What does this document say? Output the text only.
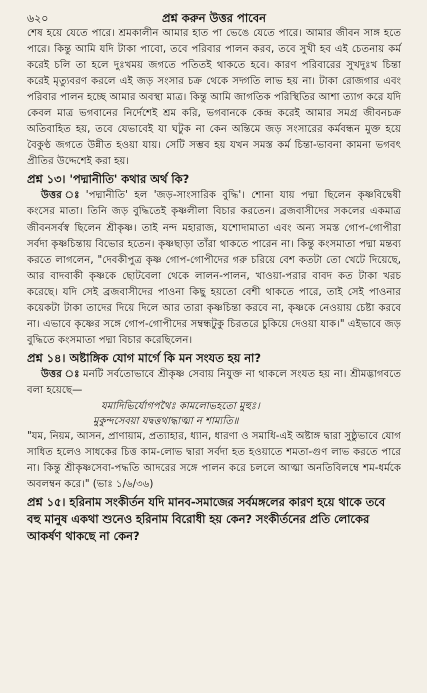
৬২০	প্রশ্ন করুন উত্তর পাবেন

শেষ হয়ে যেতে পারে। শ্রমকালীন আমার হাত পা ভেঙে যেতে পারে। আমার জীবন সাঙ্গ হতে পারে। কিন্তু আমি যদি টাকা পাবো, তবে পরিবার পালন করব, তবে সুখী হব এই চেতনায় কর্ম করেই চলি তা হলে দুঃখময় জগতে পতিতই থাকতে হবে। কারণ পরিবারের সুখদুঃখ চিন্তা করেই মৃত্যুবরণ করলে এই জড় সংসার চক্র থেকে সদ্গতি লাভ হয় না। টাকা রোজগার এবং পরিবার পালন হচ্ছে আমার অবস্থা মাত্র। কিন্তু আমি জাগতিক পরিস্থিতির আশা ত্যাগ করে যদি কেবল মাত্র ভগবানের নির্দেশেই শ্রম করি, ভগবানকে কেন্দ্র করেই আমার সমগ্র জীবনচক্র অতিবাহিত হয়, তবে যেভাবেই যা ঘটুক না কেন অন্তিমে জড় সংসারের কর্মবন্ধন মুক্ত হয়ে বৈকুণ্ঠ জগতে উন্নীত হওয়া যায়। সেটি সম্ভব হয় যখন সমস্ত কর্ম চিন্তা-ভাবনা কামনা ভগবৎ প্রীতির উদ্দেশেই করা হয়।

প্রশ্ন ১৩। 'পদ্মানীতি' কথার অর্থ কি?

উত্তর ঃ 'পদ্মানীতি' হল 'জড়-সাংসারিক বুদ্ধি'। শোনা যায় পদ্মা ছিলেন কৃষ্ণবিদ্বেষী কংসের মাতা। তিনি জড় বুদ্ধিতেই কৃষ্ণলীলা বিচার করতেন। ব্রজবাসীদের সকলের একমাত্র জীবনসর্বস্ব ছিলেন শ্রীকৃষ্ণ। তাই নন্দ মহারাজ, যশোদামাতা এবং অন্য সমস্ত গোপ-গোপীরা সর্বদা কৃষ্ণচিন্তায় বিভোর হতেন। কৃষ্ণছাড়া তাঁরা থাকতে পারেন না। কিন্তু কংসমাতা পদ্মা মন্তব্য করতে লাগলেন, "দেবকীপুত্র কৃষ্ণ গোপ-গোপীদের গরু চরিয়ে বেশ কতটা তো খেটে দিয়েছে, আর বাদবাকী কৃষ্ণকে ছোটবেলা থেকে লালন-পালন, খাওয়া-পরার বাবদ কত টাকা খরচ করেছে। যদি সেই ব্রজবাসীদের পাওনা কিছু হয়তো বেশী থাকতে পারে, তাই সেই পাওনার কয়েকটা টাকা তাদের দিয়ে দিলে আর তারা কৃষ্ণচিন্তা করবে না, কৃষ্ণকে নেওয়ায় চেষ্টা করবে না। এভাবে কৃষ্ণের সঙ্গে গোপ-গোপীদের সম্বন্ধটুকু চিরতরে চুকিয়ে দেওয়া যাক।" এইভাবে জড় বুদ্ধিতে কংসমাতা পদ্মা বিচার করেছিলেন।

প্রশ্ন ১৪। অষ্টাঙ্গিক যোগ মার্গে কি মন সংযত হয় না?

উত্তর ঃ মনটি সর্বতোভাবে শ্রীকৃষ্ণ সেবায় নিযুক্ত না থাকলে সংযত হয় না। শ্রীমদ্ভাগবতে বলা হয়েছে—

যমাদিভির্যোগপথৈঃ কামলোভহতো মুহুঃ।

মুকুন্দসেবয়া যদ্বত্তথাদ্ধাত্মা ন শাম্যতি॥

"যম, নিয়ম, আসন, প্রাণায়াম, প্রত্যাহার, ধ্যান, ধারণা ও সমাধি-এই অষ্টাঙ্গ দ্বারা সুষ্ঠুভাবে যোগ সাধিত হলেও সাধকের চিত্ত কাম-লোভ দ্বারা সর্বদা হত হওয়াতে শমতা-গুণ লাভ করতে পারে না। কিন্তু শ্রীকৃষ্ণসেবা-পদ্ধতি আদরের সঙ্গে পালন করে চললে আত্মা অনতিবিলম্বে শম-ধর্মকে অবলম্বন করে।" (ভাঃ ১/৬/৩৬)

প্রশ্ন ১৫। হরিনাম সংকীর্তন যদি মানব-সমাজের সর্বমঙ্গলের কারণ হয়ে থাকে তবে বহু মানুষ একথা শুনেও হরিনাম বিরোধী হয় কেন? সংকীর্তনের প্রতি লোকের আকর্ষণ থাকছে না কেন?
